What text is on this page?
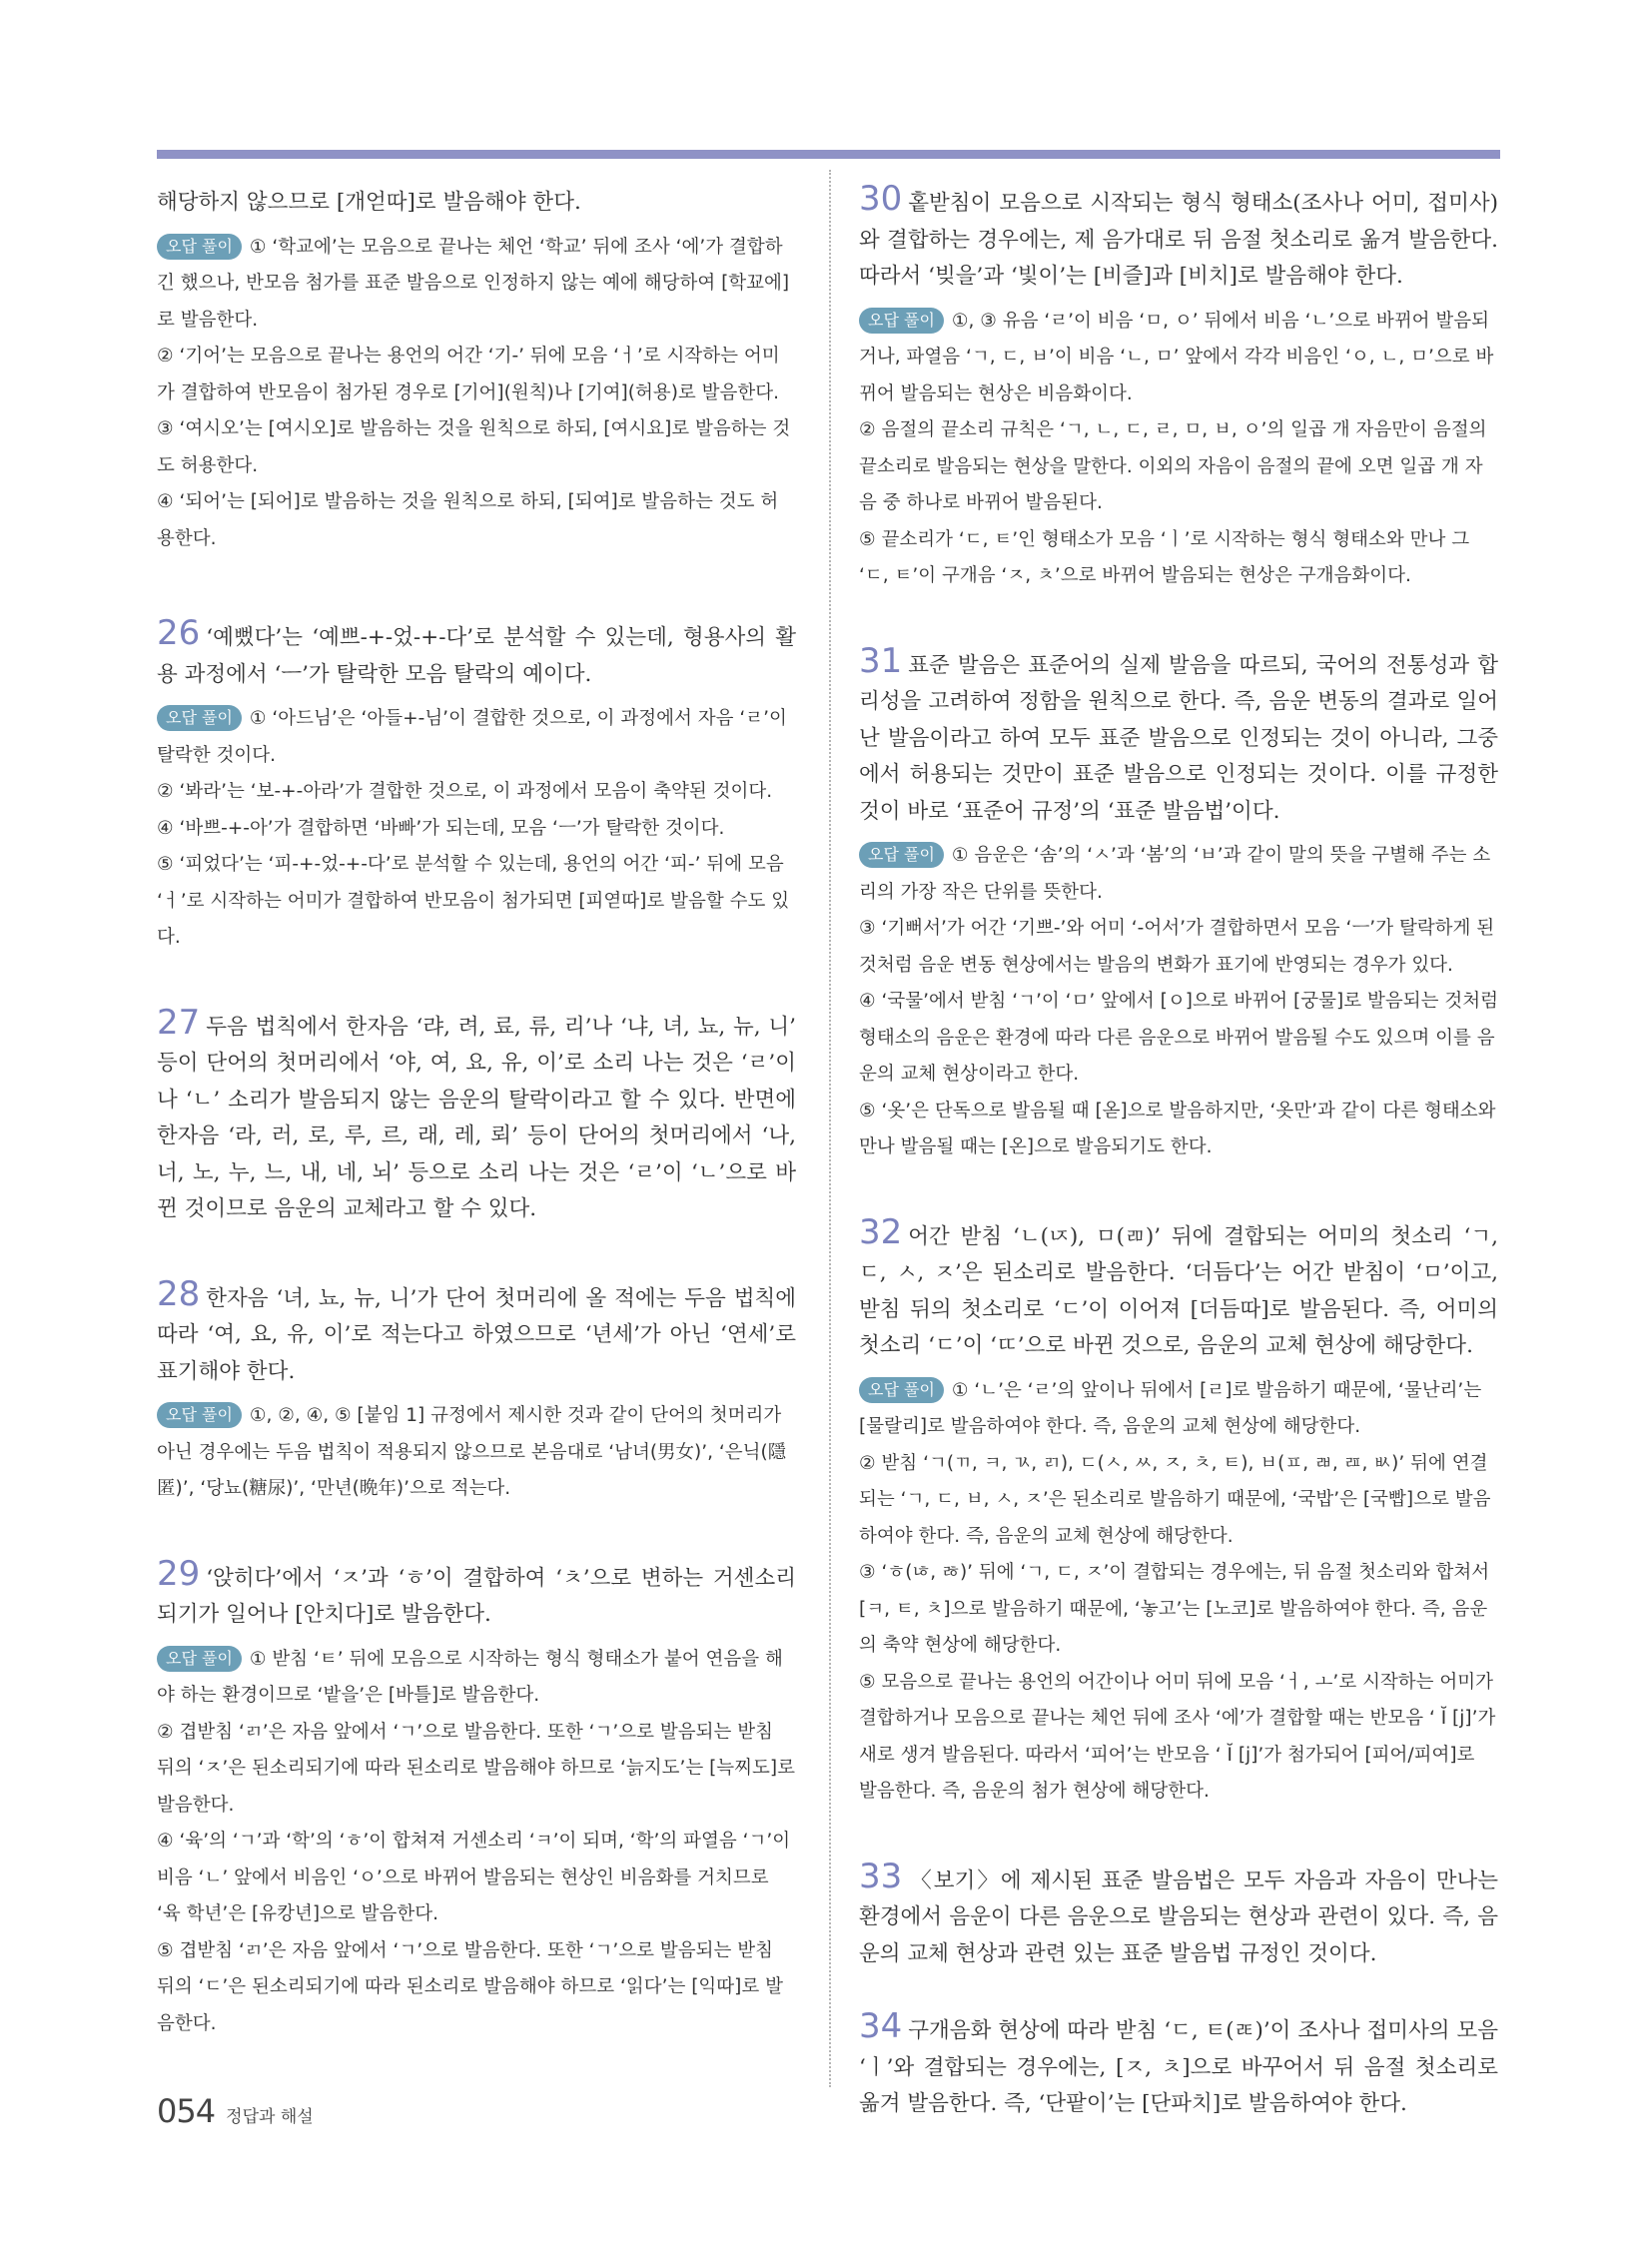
해당하지 않으므로 [개얻따]로 발음해야 한다.

오답 풀이 ① ‘학교에’는 모음으로 끝나는 체언 ‘학교’ 뒤에 조사 ‘에’가 결합하긴 했으나, 반모음 첨가를 표준 발음으로 인정하지 않는 예에 해당하여 [학꾜에]로 발음한다.

② ‘기어’는 모음으로 끝나는 용언의 어간 ‘기-’ 뒤에 모음 ‘ㅓ’로 시작하는 어미가 결합하여 반모음이 첨가된 경우로 [기어](원칙)나 [기여](허용)로 발음한다.

③ ‘여시오’는 [여시오]로 발음하는 것을 원칙으로 하되, [여시요]로 발음하는 것도 허용한다.

④ ‘되어’는 [되어]로 발음하는 것을 원칙으로 하되, [되여]로 발음하는 것도 허용한다.

26 ‘예뻤다’는 ‘예쁘-+-었-+-다’로 분석할 수 있는데, 형용사의 활용 과정에서 ‘ㅡ’가 탈락한 모음 탈락의 예이다.

오답 풀이 ① ‘아드님’은 ‘아들+-님’이 결합한 것으로, 이 과정에서 자음 ‘ㄹ’이 탈락한 것이다.

② ‘봐라’는 ‘보-+-아라’가 결합한 것으로, 이 과정에서 모음이 축약된 것이다.

④ ‘바쁘-+-아’가 결합하면 ‘바빠’가 되는데, 모음 ‘ㅡ’가 탈락한 것이다.

⑤ ‘피었다’는 ‘피-+-었-+-다’로 분석할 수 있는데, 용언의 어간 ‘피-’ 뒤에 모음 ‘ㅓ’로 시작하는 어미가 결합하여 반모음이 첨가되면 [피엳따]로 발음할 수도 있다.

27 두음 법칙에서 한자음 ‘랴, 려, 료, 류, 리’나 ‘냐, 녀, 뇨, 뉴, 니’ 등이 단어의 첫머리에서 ‘야, 여, 요, 유, 이’로 소리 나는 것은 ‘ㄹ’이나 ‘ㄴ’ 소리가 발음되지 않는 음운의 탈락이라고 할 수 있다. 반면에 한자음 ‘라, 러, 로, 루, 르, 래, 레, 뢰’ 등이 단어의 첫머리에서 ‘나, 너, 노, 누, 느, 내, 네, 뇌’ 등으로 소리 나는 것은 ‘ㄹ’이 ‘ㄴ’으로 바뀐 것이므로 음운의 교체라고 할 수 있다.
28 한자음 ‘녀, 뇨, 뉴, 니’가 단어 첫머리에 올 적에는 두음 법칙에 따라 ‘여, 요, 유, 이’로 적는다고 하였으므로 ‘년세’가 아닌 ‘연세’로 표기해야 한다.

오답 풀이 ①, ②, ④, ⑤ [붙임 1] 규정에서 제시한 것과 같이 단어의 첫머리가 아닌 경우에는 두음 법칙이 적용되지 않으므로 본음대로 ‘남녀(男女)’, ‘은닉(隱匿)’, ‘당뇨(糖尿)’, ‘만년(晩年)’으로 적는다.

29 ‘앉히다’에서 ‘ㅈ’과 ‘ㅎ’이 결합하여 ‘ㅊ’으로 변하는 거센소리되기가 일어나 [안치다]로 발음한다.

오답 풀이 ① 받침 ‘ㅌ’ 뒤에 모음으로 시작하는 형식 형태소가 붙어 연음을 해야 하는 환경이므로 ‘밭을’은 [바틀]로 발음한다.

② 겹받침 ‘ㄺ’은 자음 앞에서 ‘ㄱ’으로 발음한다. 또한 ‘ㄱ’으로 발음되는 받침 뒤의 ‘ㅈ’은 된소리되기에 따라 된소리로 발음해야 하므로 ‘늙지도’는 [늑찌도]로 발음한다.

④ ‘육’의 ‘ㄱ’과 ‘학’의 ‘ㅎ’이 합쳐져 거센소리 ‘ㅋ’이 되며, ‘학’의 파열음 ‘ㄱ’이 비음 ‘ㄴ’ 앞에서 비음인 ‘ㅇ’으로 바뀌어 발음되는 현상인 비음화를 거치므로 ‘육 학년’은 [유캉년]으로 발음한다.

⑤ 겹받침 ‘ㄺ’은 자음 앞에서 ‘ㄱ’으로 발음한다. 또한 ‘ㄱ’으로 발음되는 받침 뒤의 ‘ㄷ’은 된소리되기에 따라 된소리로 발음해야 하므로 ‘읽다’는 [익따]로 발음한다.

30 홑받침이 모음으로 시작되는 형식 형태소(조사나 어미, 접미사)와 결합하는 경우에는, 제 음가대로 뒤 음절 첫소리로 옮겨 발음한다. 따라서 ‘빚을’과 ‘빛이’는 [비즐]과 [비치]로 발음해야 한다.

오답 풀이 ①, ③ 유음 ‘ㄹ’이 비음 ‘ㅁ, ㅇ’ 뒤에서 비음 ‘ㄴ’으로 바뀌어 발음되거나, 파열음 ‘ㄱ, ㄷ, ㅂ’이 비음 ‘ㄴ, ㅁ’ 앞에서 각각 비음인 ‘ㅇ, ㄴ, ㅁ’으로 바뀌어 발음되는 현상은 비음화이다.

② 음절의 끝소리 규칙은 ‘ㄱ, ㄴ, ㄷ, ㄹ, ㅁ, ㅂ, ㅇ’의 일곱 개 자음만이 음절의 끝소리로 발음되는 현상을 말한다. 이외의 자음이 음절의 끝에 오면 일곱 개 자음 중 하나로 바뀌어 발음된다.

⑤ 끝소리가 ‘ㄷ, ㅌ’인 형태소가 모음 ‘ㅣ’로 시작하는 형식 형태소와 만나 그 ‘ㄷ, ㅌ’이 구개음 ‘ㅈ, ㅊ’으로 바뀌어 발음되는 현상은 구개음화이다.

31 표준 발음은 표준어의 실제 발음을 따르되, 국어의 전통성과 합리성을 고려하여 정함을 원칙으로 한다. 즉, 음운 변동의 결과로 일어난 발음이라고 하여 모두 표준 발음으로 인정되는 것이 아니라, 그중에서 허용되는 것만이 표준 발음으로 인정되는 것이다. 이를 규정한 것이 바로 ‘표준어 규정’의 ‘표준 발음법’이다.

오답 풀이 ① 음운은 ‘솜’의 ‘ㅅ’과 ‘봄’의 ‘ㅂ’과 같이 말의 뜻을 구별해 주는 소리의 가장 작은 단위를 뜻한다.

③ ‘기뻐서’가 어간 ‘기쁘-’와 어미 ‘-어서’가 결합하면서 모음 ‘ㅡ’가 탈락하게 된 것처럼 음운 변동 현상에서는 발음의 변화가 표기에 반영되는 경우가 있다.

④ ‘국물’에서 받침 ‘ㄱ’이 ‘ㅁ’ 앞에서 [ㅇ]으로 바뀌어 [궁물]로 발음되는 것처럼 형태소의 음운은 환경에 따라 다른 음운으로 바뀌어 발음될 수도 있으며 이를 음운의 교체 현상이라고 한다.

⑤ ‘옷’은 단독으로 발음될 때 [옫]으로 발음하지만, ‘옷만’과 같이 다른 형태소와 만나 발음될 때는 [온]으로 발음되기도 한다.

32 어간 받침 ‘ㄴ(ㄵ), ㅁ(ㄻ)’ 뒤에 결합되는 어미의 첫소리 ‘ㄱ, ㄷ, ㅅ, ㅈ’은 된소리로 발음한다. ‘더듬다’는 어간 받침이 ‘ㅁ’이고, 받침 뒤의 첫소리로 ‘ㄷ’이 이어져 [더듬따]로 발음된다. 즉, 어미의 첫소리 ‘ㄷ’이 ‘ㄸ’으로 바뀐 것으로, 음운의 교체 현상에 해당한다.

오답 풀이 ① ‘ㄴ’은 ‘ㄹ’의 앞이나 뒤에서 [ㄹ]로 발음하기 때문에, ‘물난리’는 [물랄리]로 발음하여야 한다. 즉, 음운의 교체 현상에 해당한다.

② 받침 ‘ㄱ(ㄲ, ㅋ, ㄳ, ㄺ), ㄷ(ㅅ, ㅆ, ㅈ, ㅊ, ㅌ), ㅂ(ㅍ, ㄼ, ㄿ, ㅄ)’ 뒤에 연결되는 ‘ㄱ, ㄷ, ㅂ, ㅅ, ㅈ’은 된소리로 발음하기 때문에, ‘국밥’은 [국빱]으로 발음하여야 한다. 즉, 음운의 교체 현상에 해당한다.

③ ‘ㅎ(ㄶ, ㅀ)’ 뒤에 ‘ㄱ, ㄷ, ㅈ’이 결합되는 경우에는, 뒤 음절 첫소리와 합쳐서 [ㅋ, ㅌ, ㅊ]으로 발음하기 때문에, ‘놓고’는 [노코]로 발음하여야 한다. 즉, 음운의 축약 현상에 해당한다.

⑤ 모음으로 끝나는 용언의 어간이나 어미 뒤에 모음 ‘ㅓ, ㅗ’로 시작하는 어미가 결합하거나 모음으로 끝나는 체언 뒤에 조사 ‘에’가 결합할 때는 반모음 ‘ Ĭ [j]’가 새로 생겨 발음된다. 따라서 ‘피어’는 반모음 ‘ Ĭ [j]’가 첨가되어 [피어/피여]로 발음한다. 즉, 음운의 첨가 현상에 해당한다.

33 〈보기〉에 제시된 표준 발음법은 모두 자음과 자음이 만나는 환경에서 음운이 다른 음운으로 발음되는 현상과 관련이 있다. 즉, 음운의 교체 현상과 관련 있는 표준 발음법 규정인 것이다.
34 구개음화 현상에 따라 받침 ‘ㄷ, ㅌ(ㄾ)’이 조사나 접미사의 모음 ‘ㅣ’와 결합되는 경우에는, [ㅈ, ㅊ]으로 바꾸어서 뒤 음절 첫소리로 옮겨 발음한다. 즉, ‘단팥이’는 [단파치]로 발음하여야 한다.
054 정답과 해설
